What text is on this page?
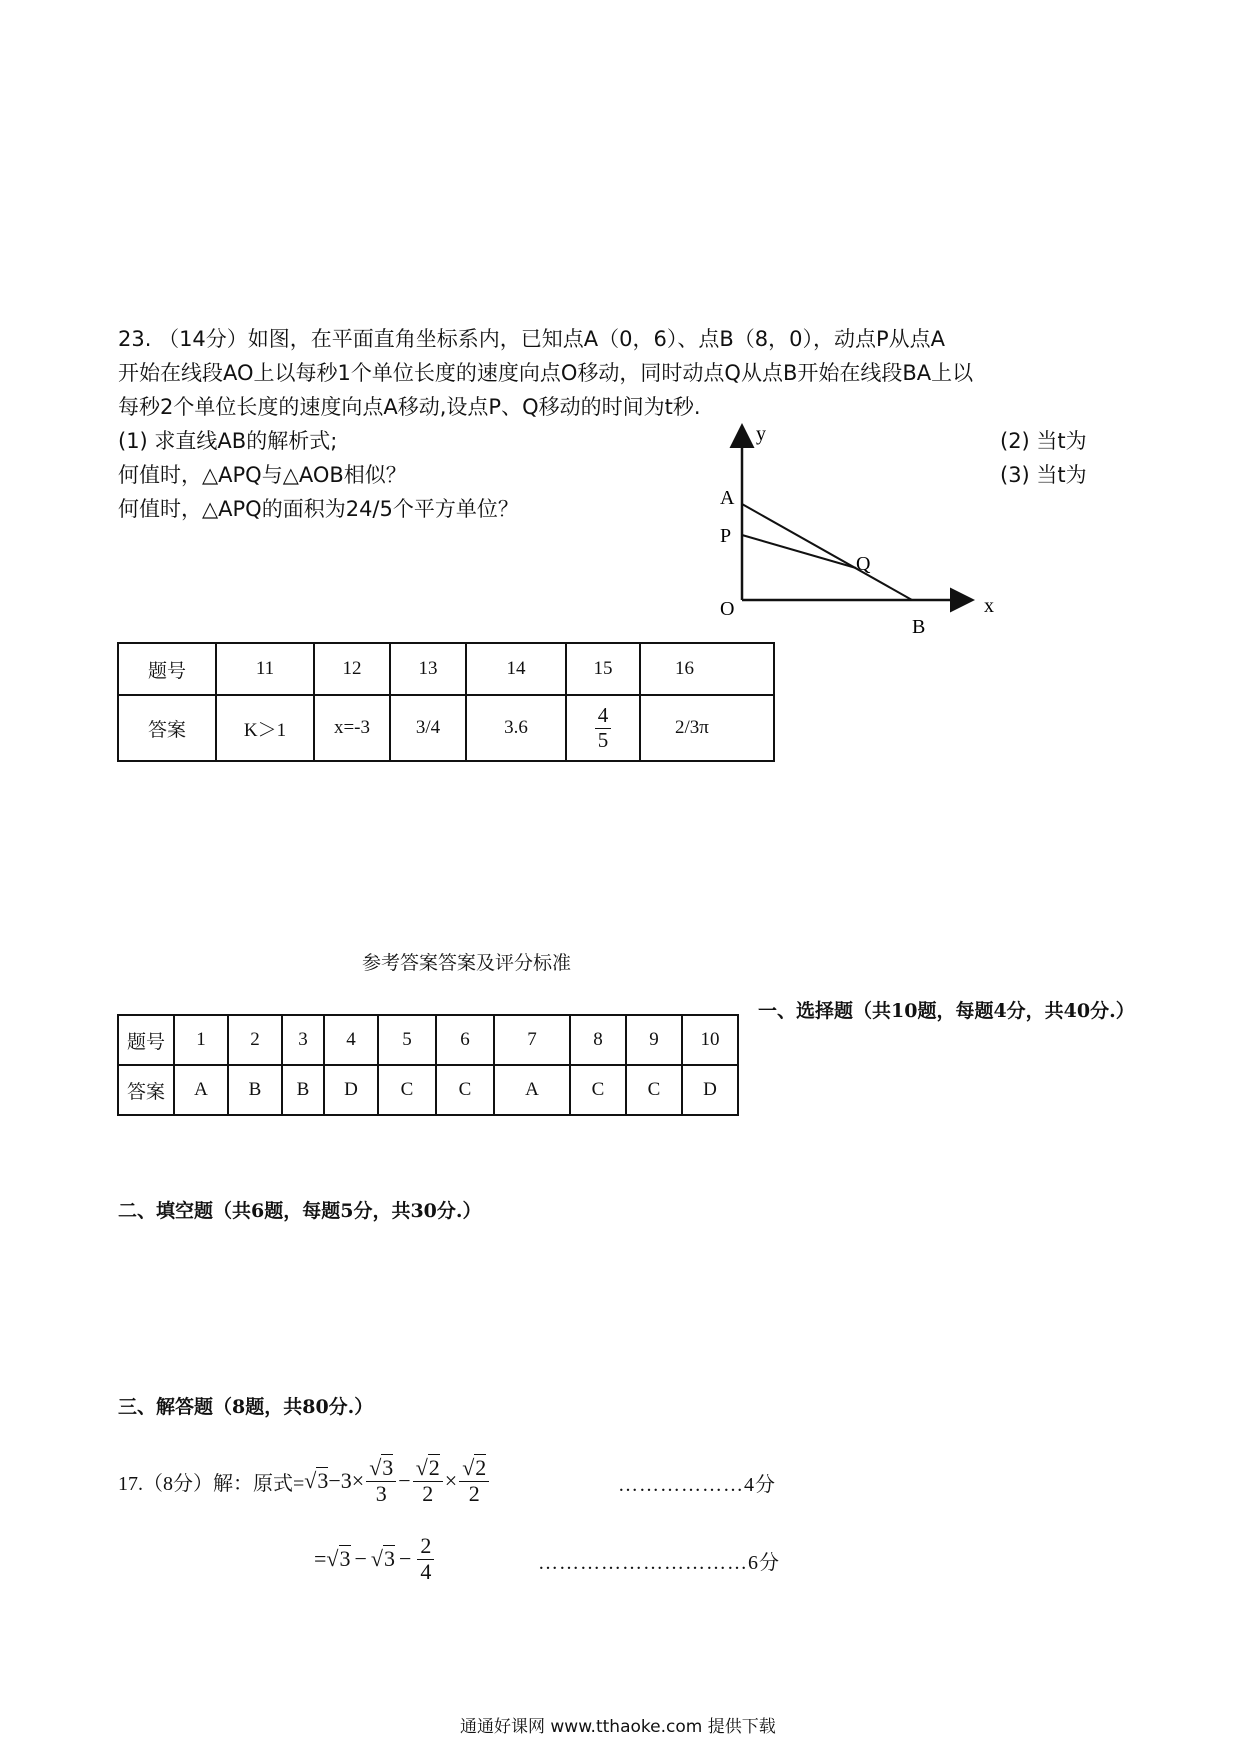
23. （14分）如图，在平面直角坐标系内，已知点A（0，6）、点B（8，0），动点P从点A
开始在线段AO上以每秒1个单位长度的速度向点O移动，同时动点Q从点B开始在线段BA上以
每秒2个单位长度的速度向点A移动,设点P、Q移动的时间为t秒.
(1) 求直线AB的解析式;	(2) 当t为
何值时，△APQ与△AOB相似？	(3) 当t为
何值时，△APQ的面积为24/5个平方单位？
y
x
A
P
Q
O
B
题号	11	12	13	14	15	16
答案	K＞1	x=-3	3/4	3.6	$\frac{4}{5}$	2/3π
参考答案答案及评分标准
一、选择题（共10题，每题4分，共40分.）
题号	1	2	3	4	5	6	7	8	9	10
答案	A	B	B	D	C	C	A	C	C	D
二、填空题（共6题，每题5分，共30分.）
三、解答题（8题，共80分.）
17.（8分）解：原式= $√3 -3\times \frac{√3}{3} - \frac{√2}{2} \times \frac{√2}{2}$	………………4分
= $√3 - √3 - \frac{2}{4}$	…………………………6分
通通好课网 www.tthaoke.com 提供下载
